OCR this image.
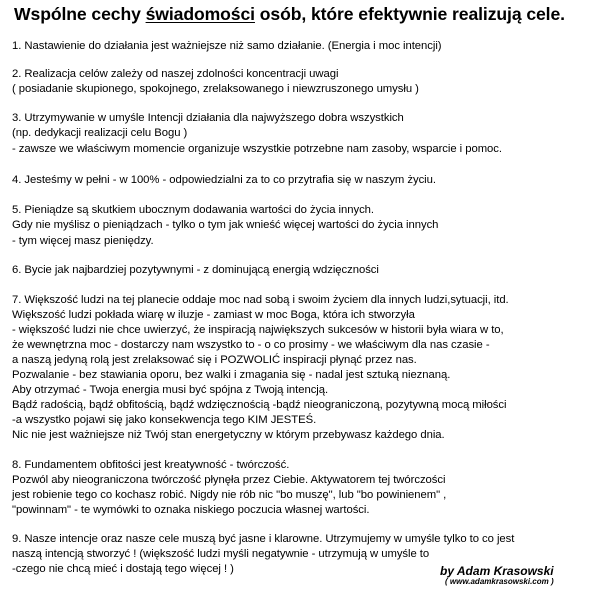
Wspólne cechy świadomości osób, które efektywnie realizują cele.
1. Nastawienie do działania jest ważniejsze niż samo działanie. (Energia i moc intencji)
2. Realizacja celów zależy od naszej zdolności koncentracji uwagi
( posiadanie skupionego, spokojnego, zrelaksowanego i niewzruszonego umysłu )
3. Utrzymywanie w umyśle Intencji działania dla najwyższego dobra wszystkich
(np. dedykacji realizacji celu Bogu )
- zawsze we właściwym momencie organizuje wszystkie potrzebne nam zasoby, wsparcie i pomoc.
4. Jesteśmy w pełni - w 100% - odpowiedzialni za to co przytrafia się w naszym życiu.
5. Pieniądze są skutkiem ubocznym dodawania wartości do życia innych.
Gdy nie myślisz o pieniądzach - tylko o tym jak wnieść więcej wartości do życia innych
- tym więcej masz pieniędzy.
6. Bycie jak najbardziej pozytywnymi - z dominującą energią wdzięczności
7. Większość ludzi na tej planecie oddaje moc nad sobą i swoim życiem dla innych ludzi,sytuacji, itd.
Większość ludzi pokłada wiarę w iluzje - zamiast w moc Boga, która ich stworzyła
- większość ludzi nie chce uwierzyć, że inspiracją największych sukcesów w historii była wiara w to,
że wewnętrzna moc - dostarczy nam wszystko to - o co prosimy - we właściwym dla nas czasie -
a naszą jedyną rolą jest zrelaksować się i POZWOLIĆ inspiracji płynąć przez nas.
Pozwalanie - bez stawiania oporu, bez walki i zmagania się - nadal jest sztuką nieznaną.
Aby otrzymać - Twoja energia musi być spójna z Twoją intencją.
Bądź radością, bądź obfitością, bądź wdzięcznością -bądź nieograniczoną, pozytywną mocą miłości
-a wszystko pojawi się jako konsekwencja tego KIM JESTEŚ.
Nic nie jest ważniejsze niż Twój stan energetyczny w którym przebywasz każdego dnia.
8. Fundamentem obfitości jest kreatywność - twórczość.
Pozwól aby nieograniczona twórczość płynęła przez Ciebie. Aktywatorem tej twórczości
jest robienie tego co kochasz robić. Nigdy nie rób nic "bo muszę", lub "bo powinienem" ,
"powinnam" - te wymówki to oznaka niskiego poczucia własnej wartości.
9. Nasze intencje oraz nasze cele muszą być jasne i klarowne. Utrzymujemy w umyśle tylko to co jest
naszą intencją stworzyć ! (większość ludzi myśli negatywnie - utrzymują w umyśle to
-czego nie chcą mieć i dostają tego więcej ! )	by Adam Krasowski
( www.adamkrasowski.com )
